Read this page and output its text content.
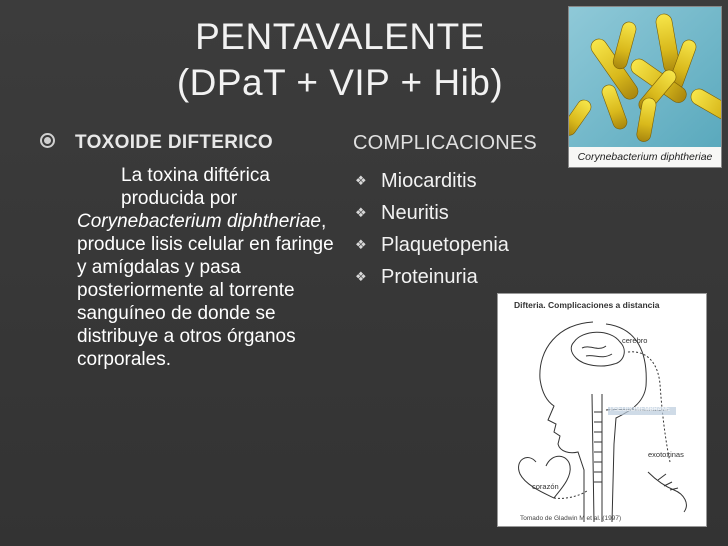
PENTAVALENTE
(DPaT + VIP + Hib)
TOXOIDE DIFTERICO
La toxina diftérica producida por
Corynebacterium diphtheriae, produce lisis celular en faringe y amígdalas y pasa posteriormente al torrente sanguíneo de donde se distribuye a otros órganos corporales.
COMPLICACIONES
❖ Miocarditis
❖ Neuritis
❖ Plaquetopenia
❖ Proteinuria
Corynebacterium diphtheriae
Difteria. Complicaciones a distancia
cerebro
PSEUDOMEMBRANE
exotoxinas
corazón
Tomado de Gladwin M et al. (1997)
